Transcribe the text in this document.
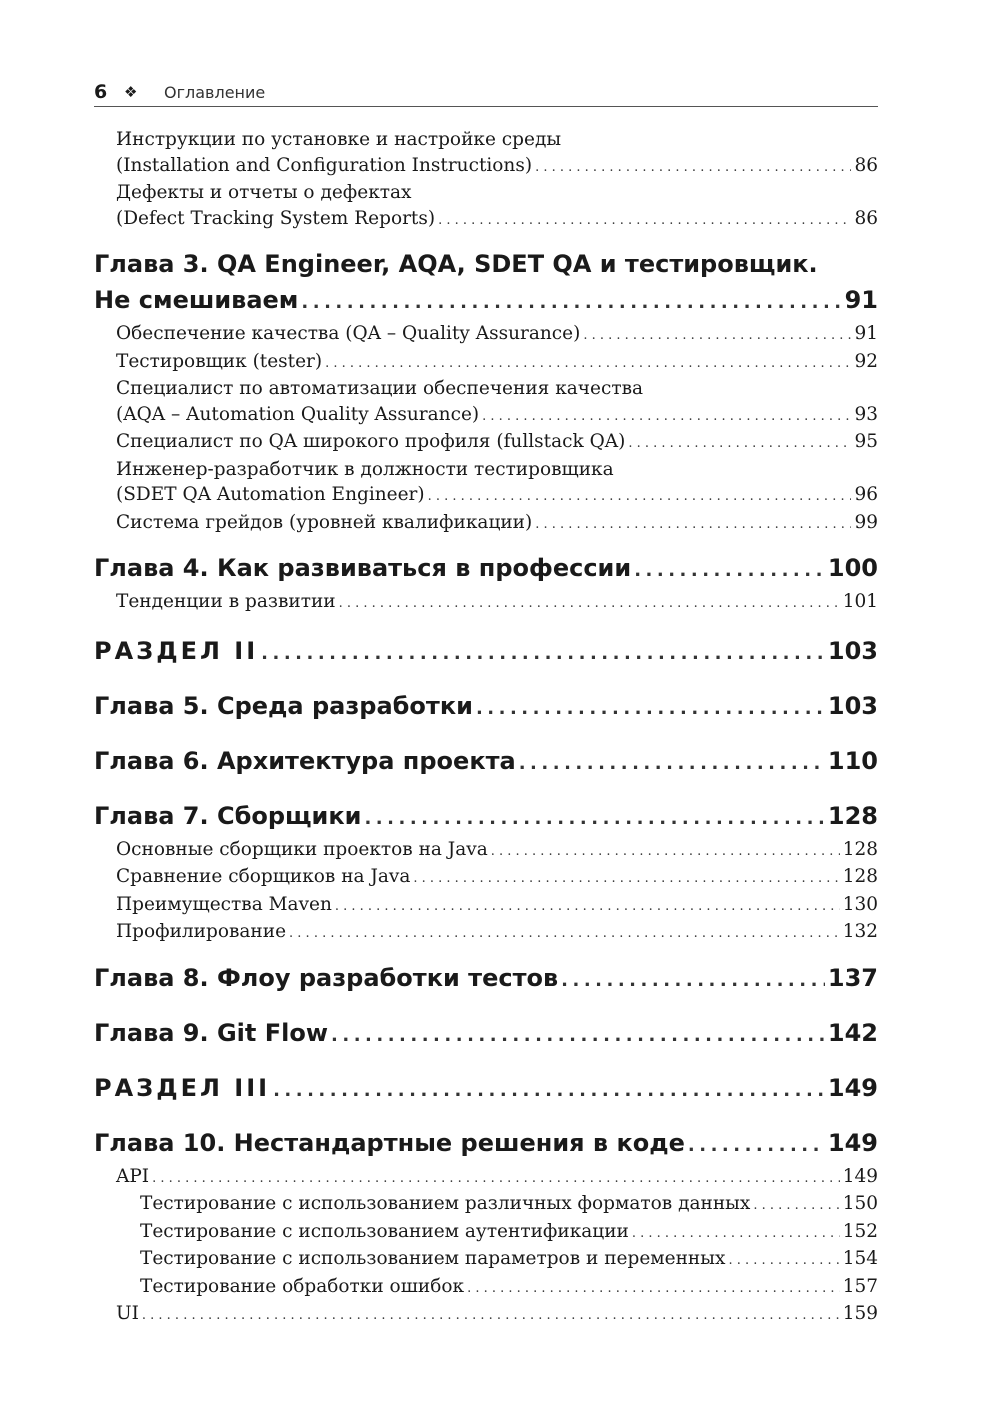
6	❖	Оглавление
Инструкции по установке и настройке среды
(Installation and Configuration Instructions) .....	86
Дефекты и отчеты о дефектах
(Defect Tracking System Reports) .....	86
Глава 3. QA Engineer, AQA, SDET QA и тестировщик.
Не смешиваем .....	91
Обеспечение качества (QA – Quality Assurance) .....	91
Тестировщик (tester) .....	92
Специалист по автоматизации обеспечения качества
(AQA – Automation Quality Assurance) .....	93
Специалист по QA широкого профиля (fullstack QA) .....	95
Инженер-разработчик в должности тестировщика
(SDET QA Automation Engineer) .....	96
Система грейдов (уровней квалификации) .....	99
Глава 4. Как развиваться в профессии .....	100
Тенденции в развитии .....	101
РАЗДЕЛ II .....	103
Глава 5. Среда разработки .....	103
Глава 6. Архитектура проекта .....	110
Глава 7. Сборщики .....	128
Основные сборщики проектов на Java .....	128
Сравнение сборщиков на Java .....	128
Преимущества Maven .....	130
Профилирование .....	132
Глава 8. Флоу разработки тестов .....	137
Глава 9. Git Flow .....	142
РАЗДЕЛ III .....	149
Глава 10. Нестандартные решения в коде .....	149
API .....	149
Тестирование с использованием различных форматов данных .....	150
Тестирование с использованием аутентификации .....	152
Тестирование с использованием параметров и переменных .....	154
Тестирование обработки ошибок .....	157
UI .....	159
